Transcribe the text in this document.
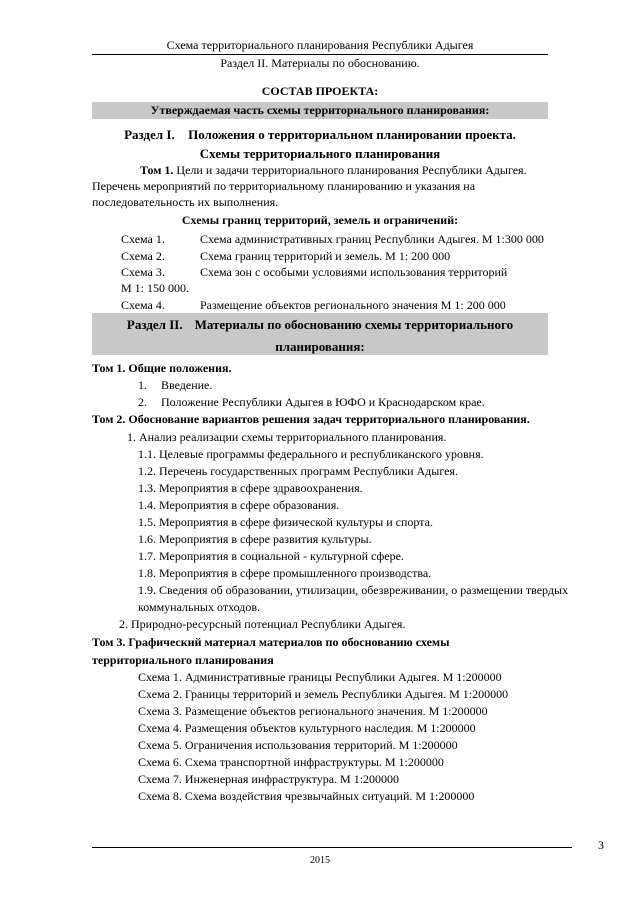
Схема территориального планирования Республики Адыгея
Раздел II. Материалы по обоснованию.
СОСТАВ ПРОЕКТА:
Утверждаемая часть схемы территориального планирования:
Раздел I. Положения о территориальном планировании проекта.
Схемы территориального планирования
Том 1. Цели и задачи территориального планирования Республики Адыгея.
Перечень мероприятий по территориальному планированию и указания на
последовательность их выполнения.
Схемы границ территорий, земель и ограничений:
Схема 1.	Схема административных границ Республики Адыгея. М 1:300 000
Схема 2.	Схема границ территорий и земель. М 1: 200 000
Схема 3.	Схема зон с особыми условиями использования территорий
М 1: 150 000.
Схема 4.	Размещение объектов регионального значения М 1: 200 000
Раздел II. Материалы по обоснованию схемы территориального
планирования:
Том 1. Общие положения.
1. Введение.
2. Положение Республики Адыгея в ЮФО и Краснодарском крае.
Том 2. Обоснование вариантов решения задач территориального планирования.
1. Анализ реализации схемы территориального планирования.
1.1. Целевые программы федерального и республиканского уровня.
1.2. Перечень государственных программ Республики Адыгея.
1.3. Мероприятия в сфере здравоохранения.
1.4. Мероприятия в сфере образования.
1.5. Мероприятия в сфере физической культуры и спорта.
1.6. Мероприятия в сфере развития культуры.
1.7. Мероприятия в социальной - культурной сфере.
1.8. Мероприятия в сфере промышленного производства.
1.9. Сведения об образовании, утилизации, обезвреживании, о размещении твердых
коммунальных отходов.
2. Природно-ресурсный потенциал Республики Адыгея.
Том 3. Графический материал материалов по обоснованию схемы
территориального планирования
Схема 1. Административные границы Республики Адыгея. М 1:200000
Схема 2. Границы территорий и земель Республики Адыгея. М 1:200000
Схема 3. Размещение объектов регионального значения. М 1:200000
Схема 4. Размещения объектов культурного наследия. М 1:200000
Схема 5. Ограничения использования территорий. М 1:200000
Схема 6. Схема транспортной инфраструктуры. М 1:200000
Схема 7. Инженерная инфраструктура. М 1:200000
Схема 8. Схема воздействия чрезвычайных ситуаций. М 1:200000
3
2015
